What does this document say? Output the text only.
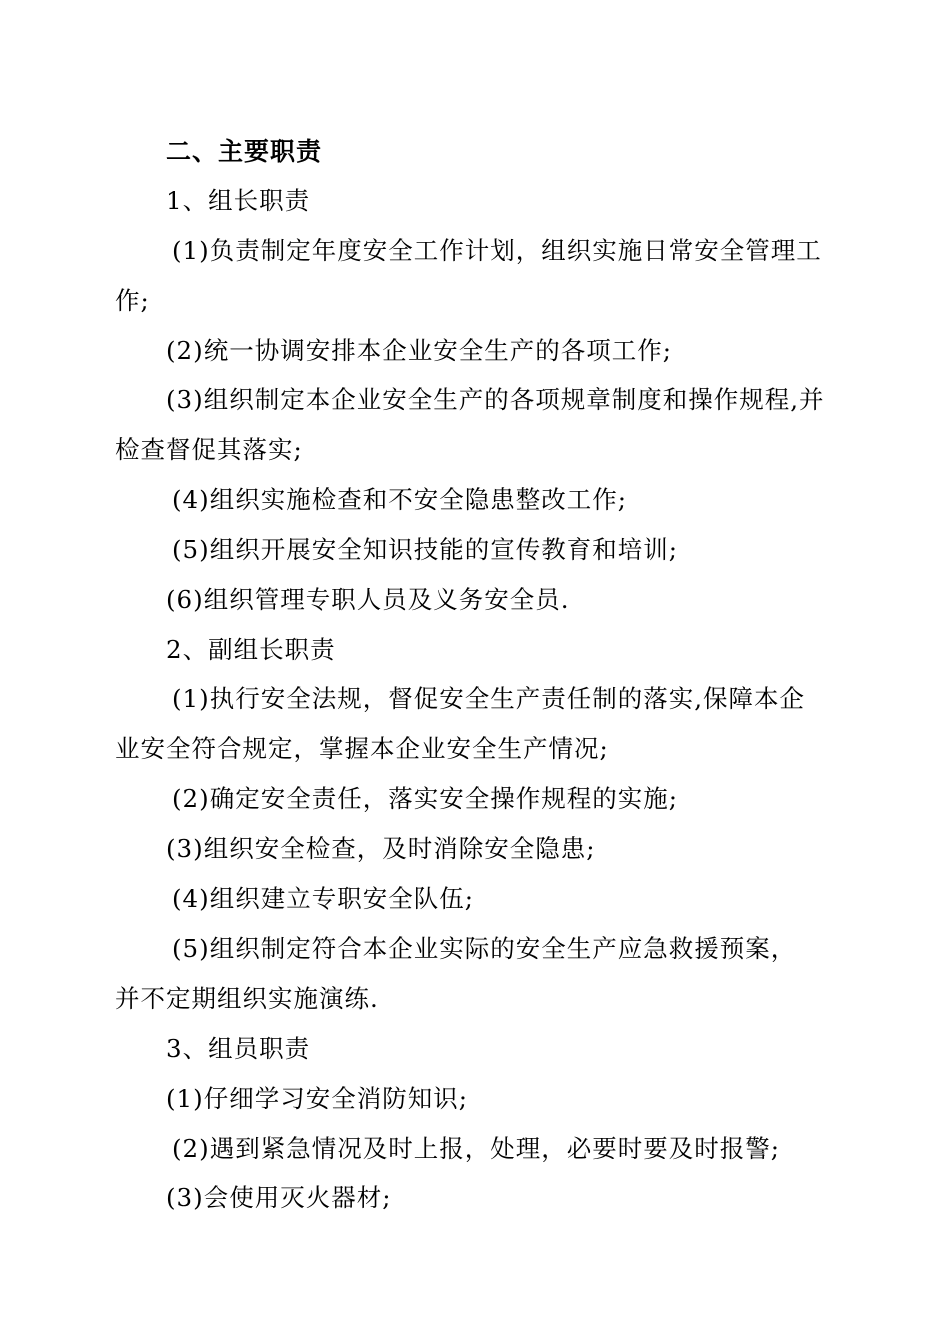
二、主要职责
1、组长职责
(1)负责制定年度安全工作计划，组织实施日常安全管理工
作;
(2)统一协调安排本企业安全生产的各项工作;
(3)组织制定本企业安全生产的各项规章制度和操作规程,并
检查督促其落实;
(4)组织实施检查和不安全隐患整改工作;
(5)组织开展安全知识技能的宣传教育和培训;
(6)组织管理专职人员及义务安全员.
2、副组长职责
(1)执行安全法规，督促安全生产责任制的落实,保障本企
业安全符合规定，掌握本企业安全生产情况;
(2)确定安全责任，落实安全操作规程的实施;
(3)组织安全检查，及时消除安全隐患;
(4)组织建立专职安全队伍;
(5)组织制定符合本企业实际的安全生产应急救援预案，
并不定期组织实施演练.
3、组员职责
(1)仔细学习安全消防知识;
(2)遇到紧急情况及时上报，处理，必要时要及时报警;
(3)会使用灭火器材;
